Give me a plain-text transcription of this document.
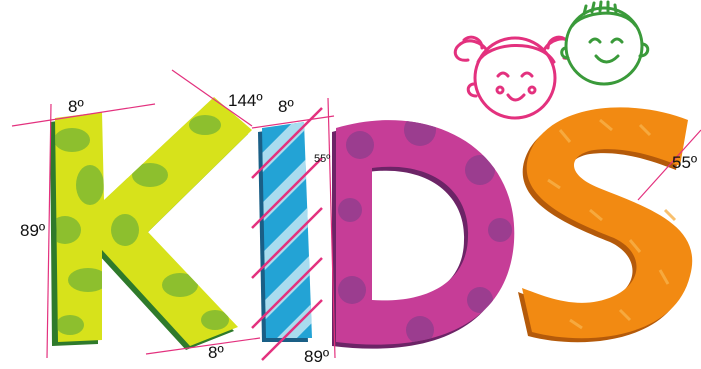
8º	144º 8º
55º
89º
8º	89º
55º
